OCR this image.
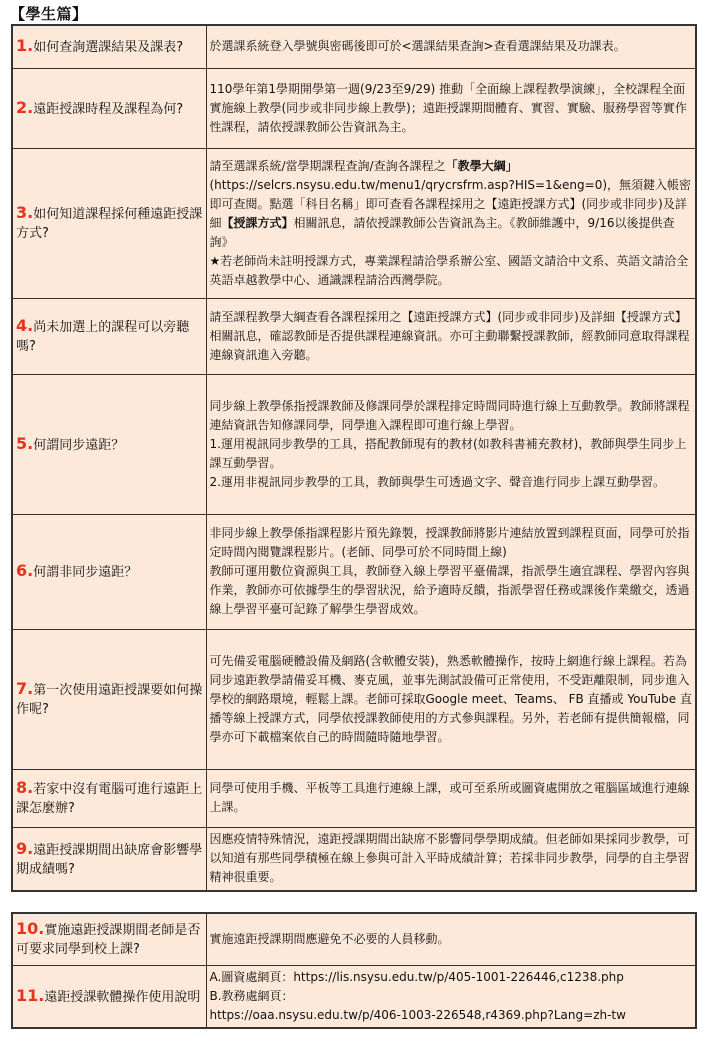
【學生篇】
1.如何查詢選課結果及課表?	於選課系統登入學號與密碼後即可於<選課結果查詢>查看選課結果及功課表。
2.遠距授課時程及課程為何?	110學年第1學期開學第一週(9/23至9/29) 推動「全面線上課程教學演練」，全校課程全面實施線上教學(同步或非同步線上教學)；遠距授課期間體育、實習、實驗、服務學習等實作性課程，請依授課教師公告資訊為主。
3.如何知道課程採何種遠距授課方式?	請至選課系統/當學期課程查詢/查詢各課程之「教學大綱」(https://selcrs.nsysu.edu.tw/menu1/qrycrsfrm.asp?HIS=1&eng=0)，無須鍵入帳密即可查閱。點選「科目名稱」即可查看各課程採用之【遠距授課方式】(同步或非同步)及詳細【授課方式】相關訊息，請依授課教師公告資訊為主。《教師維護中，9/16以後提供查詢》
★若老師尚未註明授課方式，專業課程請洽學系辦公室、國語文請洽中文系、英語文請洽全英語卓越教學中心、通識課程請洽西灣學院。
4.尚未加選上的課程可以旁聽嗎?	請至課程教學大綱查看各課程採用之【遠距授課方式】(同步或非同步)及詳細【授課方式】相關訊息，確認教師是否提供課程連線資訊。亦可主動聯繫授課教師，經教師同意取得課程連線資訊進入旁聽。
5.何謂同步遠距？	同步線上教學係指授課教師及修課同學於課程排定時間同時進行線上互動教學。教師將課程連結資訊告知修課同學，同學進入課程即可進行線上學習。
1.運用視訊同步教學的工具，搭配教師現有的教材(如教科書補充教材)，教師與學生同步上課互動學習。
2.運用非視訊同步教學的工具，教師與學生可透過文字、聲音進行同步上課互動學習。

6.何謂非同步遠距？	非同步線上教學係指課程影片預先錄製，授課教師將影片連結放置到課程頁面，同學可於指定時間內閱覽課程影片。(老師、同學可於不同時間上線)
教師可運用數位資源與工具，教師登入線上學習平臺備課，指派學生適宜課程、學習內容與作業，教師亦可依據學生的學習狀況，給予適時反饋，指派學習任務或課後作業繳交，透過線上學習平臺可記錄了解學生學習成效。

7.第一次使用遠距授課要如何操作呢?	可先備妥電腦硬體設備及網路(含軟體安裝)，熟悉軟體操作，按時上網進行線上課程。若為同步遠距教學請備妥耳機、麥克風，並事先測試設備可正常使用，不受距離限制，同步進入學校的網路環境，輕鬆上課。老師可採取Google meet、Teams、 FB 直播或 YouTube 直播等線上授課方式，同學依授課教師使用的方式參與課程。另外，若老師有提供簡報檔，同學亦可下載檔案依自己的時間隨時隨地學習。
8.若家中沒有電腦可進行遠距上課怎麼辦?	同學可使用手機、平板等工具進行連線上課，或可至系所或圖資處開放之電腦區域進行連線上課。
9.遠距授課期間出缺席會影響學期成績嗎?	因應疫情特殊情況，遠距授課期間出缺席不影響同學學期成績。但老師如果採同步教學，可以知道有那些同學積極在線上參與可計入平時成績計算；若採非同步教學，同學的自主學習精神很重要。
10.實施遠距授課期間老師是否可要求同學到校上課?	實施遠距授課期間應避免不必要的人員移動。
11.遠距授課軟體操作使用說明	A.圖資處網頁：https://lis.nsysu.edu.tw/p/405-1001-226446,c1238.php
B.教務處網頁：
https://oaa.nsysu.edu.tw/p/406-1003-226548,r4369.php?Lang=zh-tw
